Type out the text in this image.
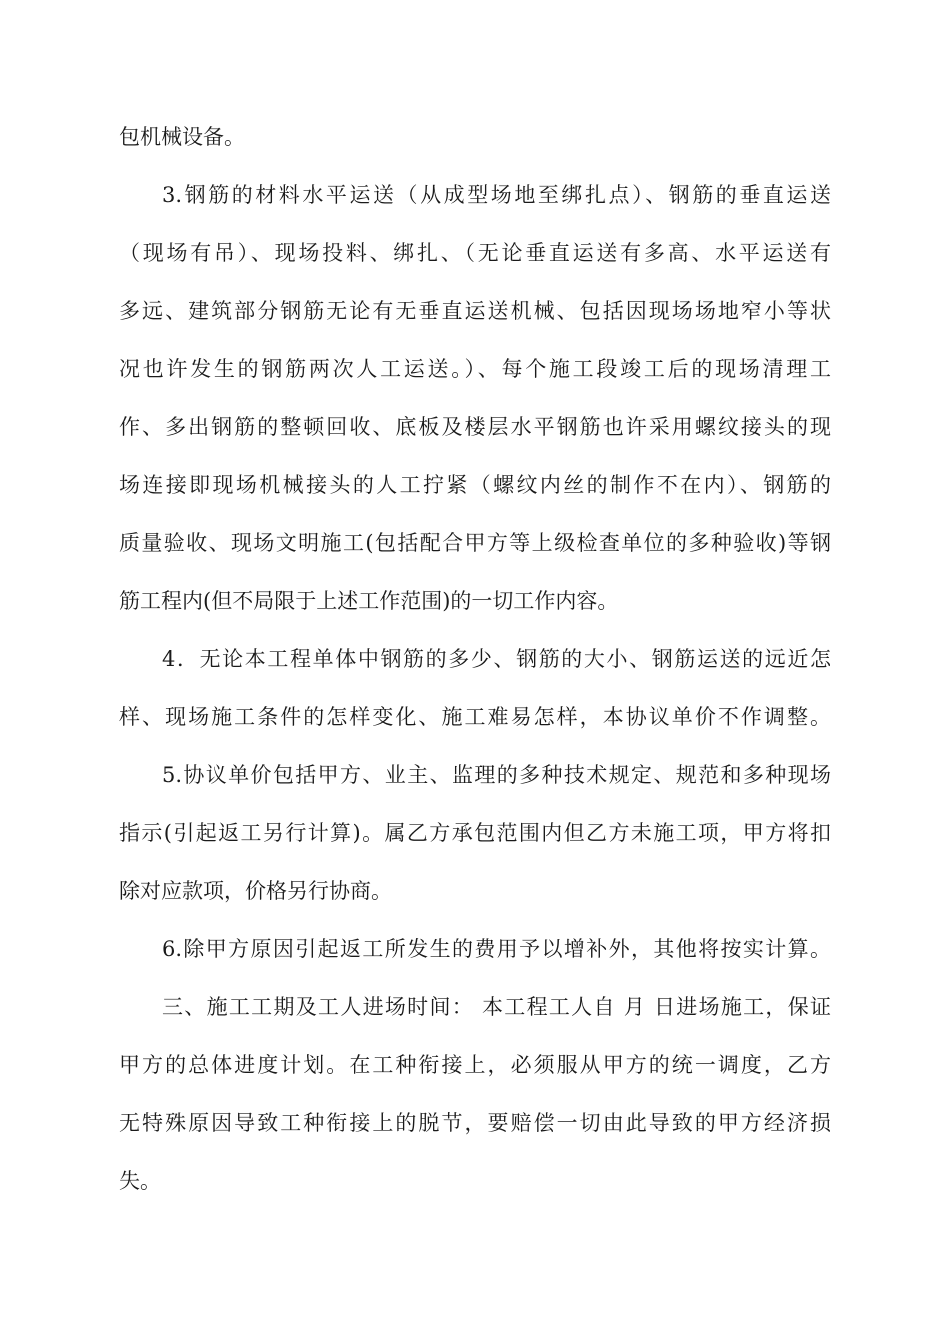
包机械设备。
3.钢筋的材料水平运送（从成型场地至绑扎点）、钢筋的垂直运送
（现场有吊）、现场投料、绑扎、（无论垂直运送有多高、水平运送有
多远、建筑部分钢筋无论有无垂直运送机械、包括因现场场地窄小等状
况也许发生的钢筋两次人工运送。）、每个施工段竣工后的现场清理工
作、多出钢筋的整顿回收、底板及楼层水平钢筋也许采用螺纹接头的现
场连接即现场机械接头的人工拧紧（螺纹内丝的制作不在内）、钢筋的
质量验收、现场文明施工(包括配合甲方等上级检查单位的多种验收)等钢
筋工程内(但不局限于上述工作范围)的一切工作内容。
4．无论本工程单体中钢筋的多少、钢筋的大小、钢筋运送的远近怎
样、现场施工条件的怎样变化、施工难易怎样，本协议单价不作调整。
5.协议单价包括甲方、业主、监理的多种技术规定、规范和多种现场
指示(引起返工另行计算)。属乙方承包范围内但乙方未施工项，甲方将扣
除对应款项，价格另行协商。
6.除甲方原因引起返工所发生的费用予以增补外，其他将按实计算。
三、施工工期及工人进场时间： 本工程工人自 月 日进场施工，保证
甲方的总体进度计划。在工种衔接上，必须服从甲方的统一调度，乙方
无特殊原因导致工种衔接上的脱节，要赔偿一切由此导致的甲方经济损
失。
